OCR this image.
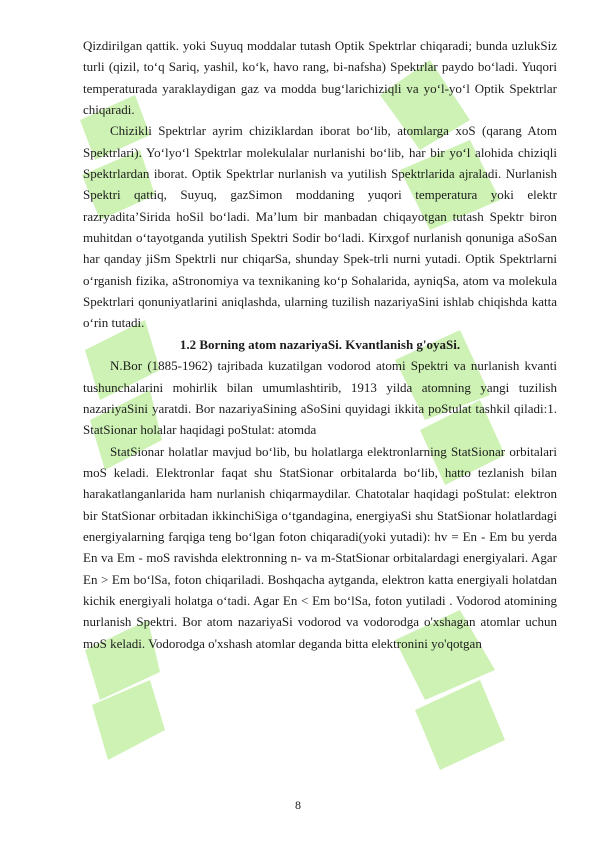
Qizdirilgan qattik. yoki Suyuq moddalar tutash Optik Spektrlar chiqaradi; bunda uzlukSiz turli (qizil, to‘q Sariq, yashil, ko‘k, havo rang, bi-nafsha) Spektrlar paydo bo‘ladi. Yuqori temperaturada yaraklaydigan gaz va modda bug‘larichiziqli va yo‘l-yo‘l Optik Spektrlar chiqaradi.

Chizikli Spektrlar ayrim chiziklardan iborat bo‘lib, atomlarga xoS (qarang Atom Spektrlari). Yo‘lyo‘l Spektrlar molekulalar nurlanishi bo‘lib, har bir yo‘l alohida chiziqli Spektrlardan iborat. Optik Spektrlar nurlanish va yutilish Spektrlarida ajraladi. Nurlanish Spektri qattiq, Suyuq, gazSimon moddaning yuqori temperatura yoki elektr razryadita’Sirida hoSil bo‘ladi. Ma’lum bir manbadan chiqayotgan tutash Spektr biron muhitdan o‘tayotganda yutilish Spektri Sodir bo‘ladi. Kirxgof nurlanish qonuniga aSoSan har qanday jiSm Spektrli nur chiqarSa, shunday Spek-trli nurni yutadi. Optik Spektrlarni o‘rganish fizika, aStronomiya va texnikaning ko‘p Sohalarida, ayniqSa, atom va molekula Spektrlari qonuniyatlarini aniqlashda, ularning tuzilish nazariyaSini ishlab chiqishda katta o‘rin tutadi.

1.2 Borning atom nazariyaSi. Kvantlanish g'oyaSi.

N.Bor (1885-1962) tajribada kuzatilgan vodorod atomi Spektri va nurlanish kvanti tushunchalarini mohirlik bilan umumlashtirib, 1913 yilda atomning yangi tuzilish nazariyaSini yaratdi. Bor nazariyaSining aSoSini quyidagi ikkita poStulat tashkil qiladi:1. StatSionar holalar haqidagi poStulat: atomda

StatSionar holatlar mavjud bo‘lib, bu holatlarga elektronlarning StatSionar orbitalari moS keladi. Elektronlar faqat shu StatSionar orbitalarda bo‘lib, hatto tezlanish bilan harakatlanganlarida ham nurlanish chiqarmaydilar. Chatotalar haqidagi poStulat: elektron bir StatSionar orbitadan ikkinchiSiga o‘tgandagina, energiyaSi shu StatSionar holatlardagi energiyalarning farqiga teng bo‘lgan foton chiqaradi(yoki yutadi): hv = En - Em bu yerda En va Em - moS ravishda elektronning n- va m-StatSionar orbitalardagi energiyalari. Agar En > Em bo‘lSa, foton chiqariladi. Boshqacha aytganda, elektron katta energiyali holatdan kichik energiyali holatga o‘tadi. Agar En < Em bo‘lSa, foton yutiladi . Vodorod atomining nurlanish Spektri. Bor atom nazariyaSi vodorod va vodorodga o'xshagan atomlar uchun moS keladi. Vodorodga o'xshash atomlar deganda bitta elektronini yo'qotgan

8
